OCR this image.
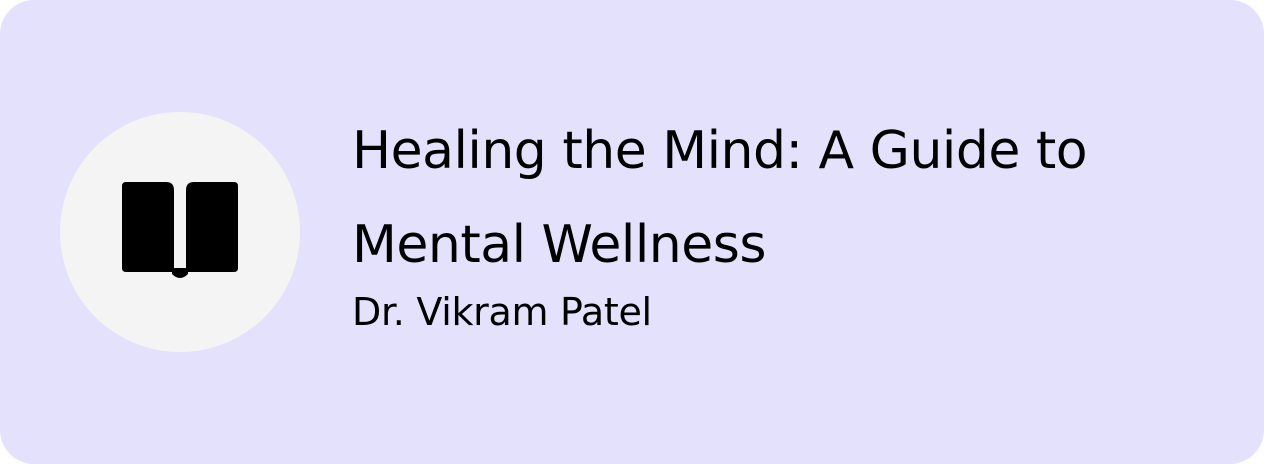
Healing the Mind: A Guide to Mental Wellness

Dr. Vikram Patel
